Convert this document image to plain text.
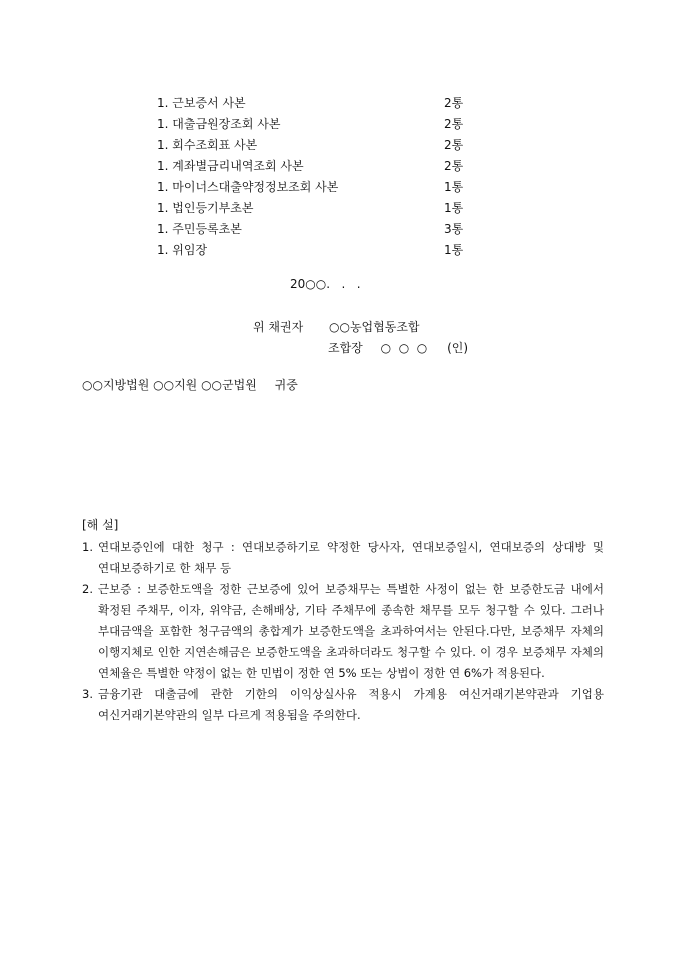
1. 근보증서 사본	2통
1. 대출금원장조회 사본	2통
1. 회수조회표 사본	2통
1. 계좌별금리내역조회 사본	2통
1. 마이너스대출약정정보조회 사본	1통
1. 법인등기부초본	1통
1. 주민등록초본	3통
1. 위임장	1통
20○○.   .   .
위 채권자 ○○농업협동조합
조합장 ○  ○  ○ (인)
○○지방법원 ○○지원 ○○군법원 귀중
[해 설]
1. 연대보증인에 대한 청구 : 연대보증하기로 약정한 당사자, 연대보증일시, 연대보증의 상대방 및 연대보증하기로 한 채무 등
2. 근보증 : 보증한도액을 정한 근보증에 있어 보증채무는 특별한 사정이 없는 한 보증한도금 내에서 확정된 주채무, 이자, 위약금, 손해배상, 기타 주채무에 종속한 채무를 모두 청구할 수 있다. 그러나 부대금액을 포함한 청구금액의 총합계가 보증한도액을 초과하여서는 안된다.다만, 보증채무 자체의 이행지체로 인한 지연손해금은 보증한도액을 초과하더라도 청구할 수 있다. 이 경우 보증채무 자체의 연체율은 특별한 약정이 없는 한 민법이 정한 연 5% 또는 상법이 정한 연 6%가 적용된다.
3. 금융기관 대출금에 관한 기한의 이익상실사유 적용시 가계용 여신거래기본약관과 기업용 여신거래기본약관의 일부 다르게 적용됨을 주의한다.
